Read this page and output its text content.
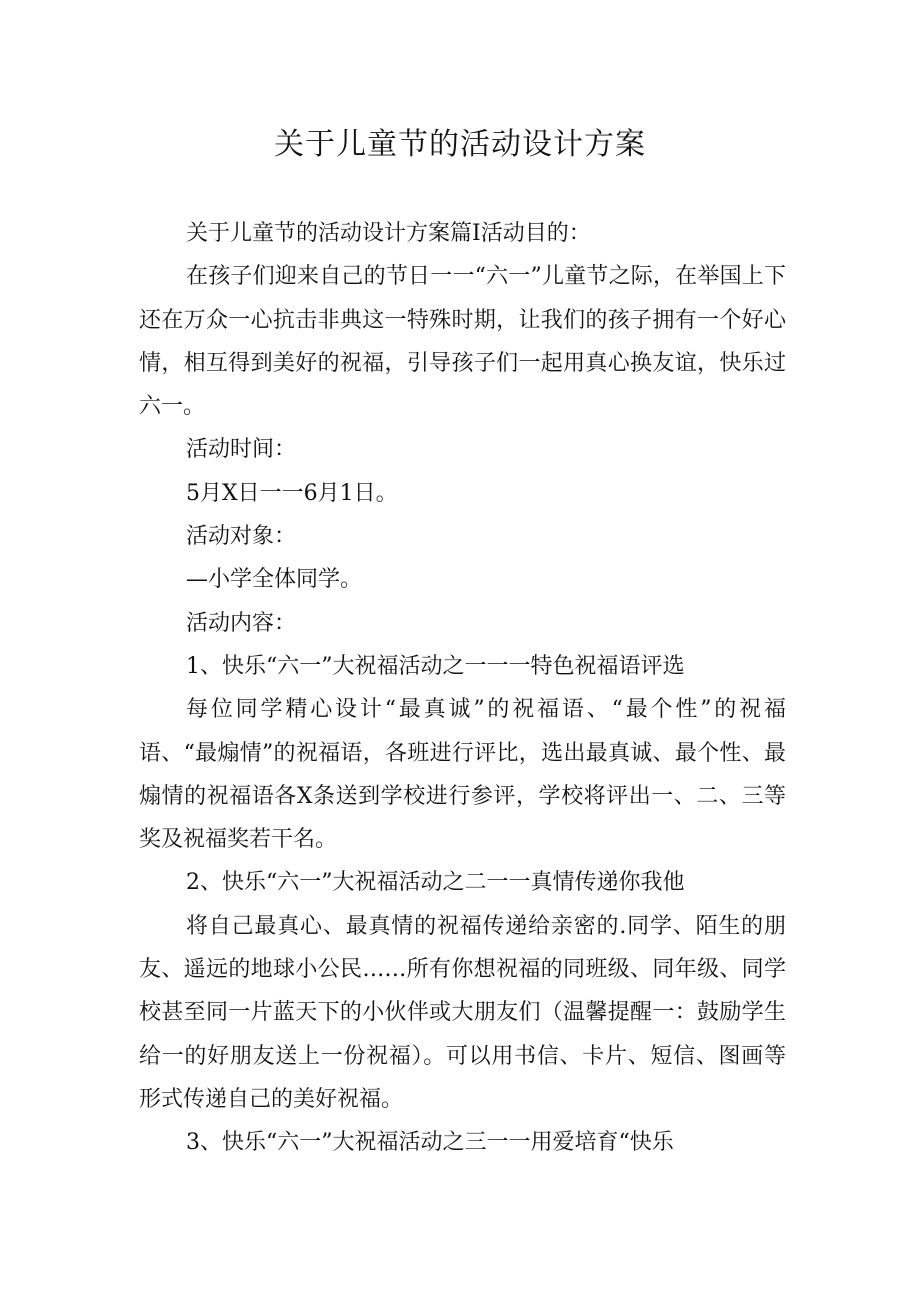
关于儿童节的活动设计方案

关于儿童节的活动设计方案篇I活动目的：

在孩子们迎来自己的节日一一“六一”儿童节之际，在举国上下还在万众一心抗击非典这一特殊时期，让我们的孩子拥有一个好心情，相互得到美好的祝福，引导孩子们一起用真心换友谊，快乐过六一。

活动时间：

5月X日一一6月1日。

活动对象：

—小学全体同学。

活动内容：

1、快乐“六一”大祝福活动之一一一特色祝福语评选

每位同学精心设计“最真诚”的祝福语、“最个性”的祝福语、“最煽情”的祝福语，各班进行评比，选出最真诚、最个性、最煽情的祝福语各X条送到学校进行参评，学校将评出一、二、三等奖及祝福奖若干名。

2、快乐“六一”大祝福活动之二一一真情传递你我他

将自己最真心、最真情的祝福传递给亲密的.同学、陌生的朋友、遥远的地球小公民……所有你想祝福的同班级、同年级、同学校甚至同一片蓝天下的小伙伴或大朋友们（温馨提醒一：鼓励学生给一的好朋友送上一份祝福）。可以用书信、卡片、短信、图画等形式传递自己的美好祝福。

3、快乐“六一”大祝福活动之三一一用爱培育“快乐
